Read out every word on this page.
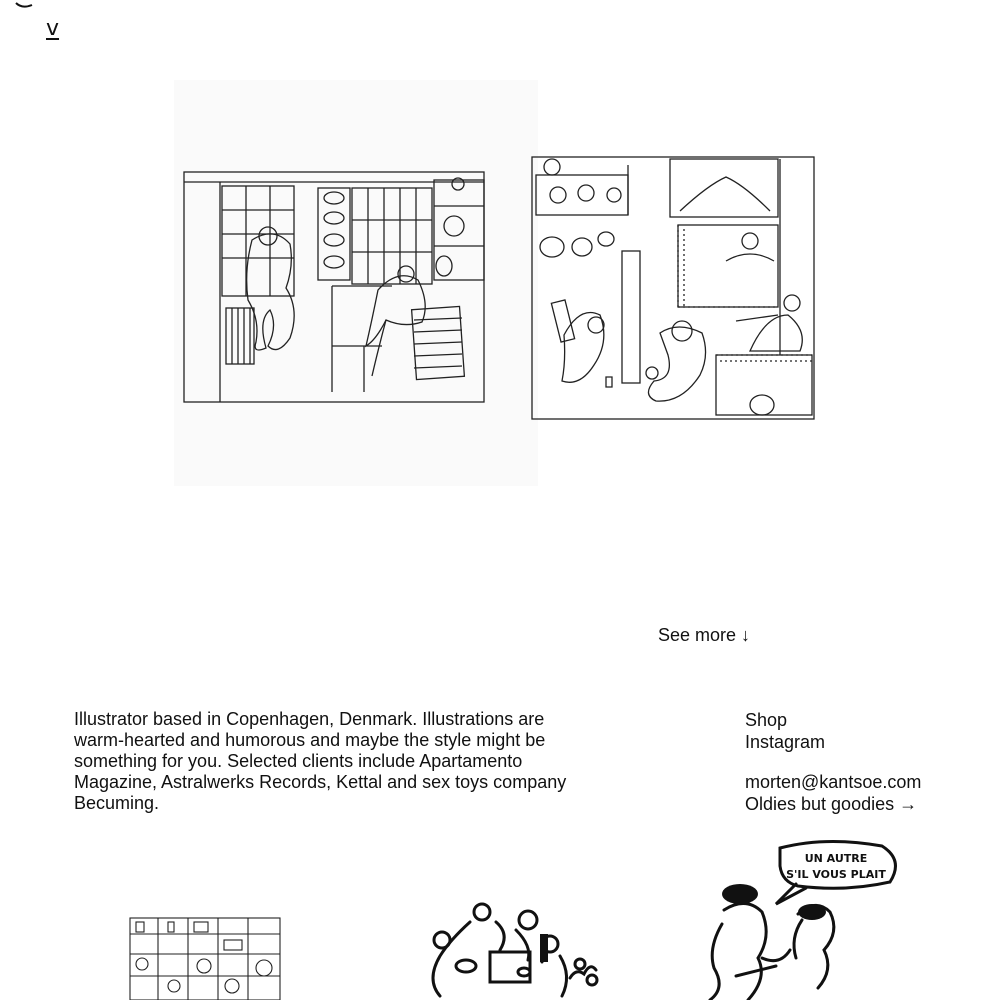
v
See more ↓
Illustrator based in Copenhagen, Denmark. Illustrations are warm-hearted and humorous and maybe the style might be something for you. Selected clients include Apartamento Magazine, Astralwerks Records, Kettal and sex toys company Becuming.
Shop
Instagram
morten@kantsoe.com
Oldies but goodies →
UN AUTRE S'IL VOUS PLAIT
